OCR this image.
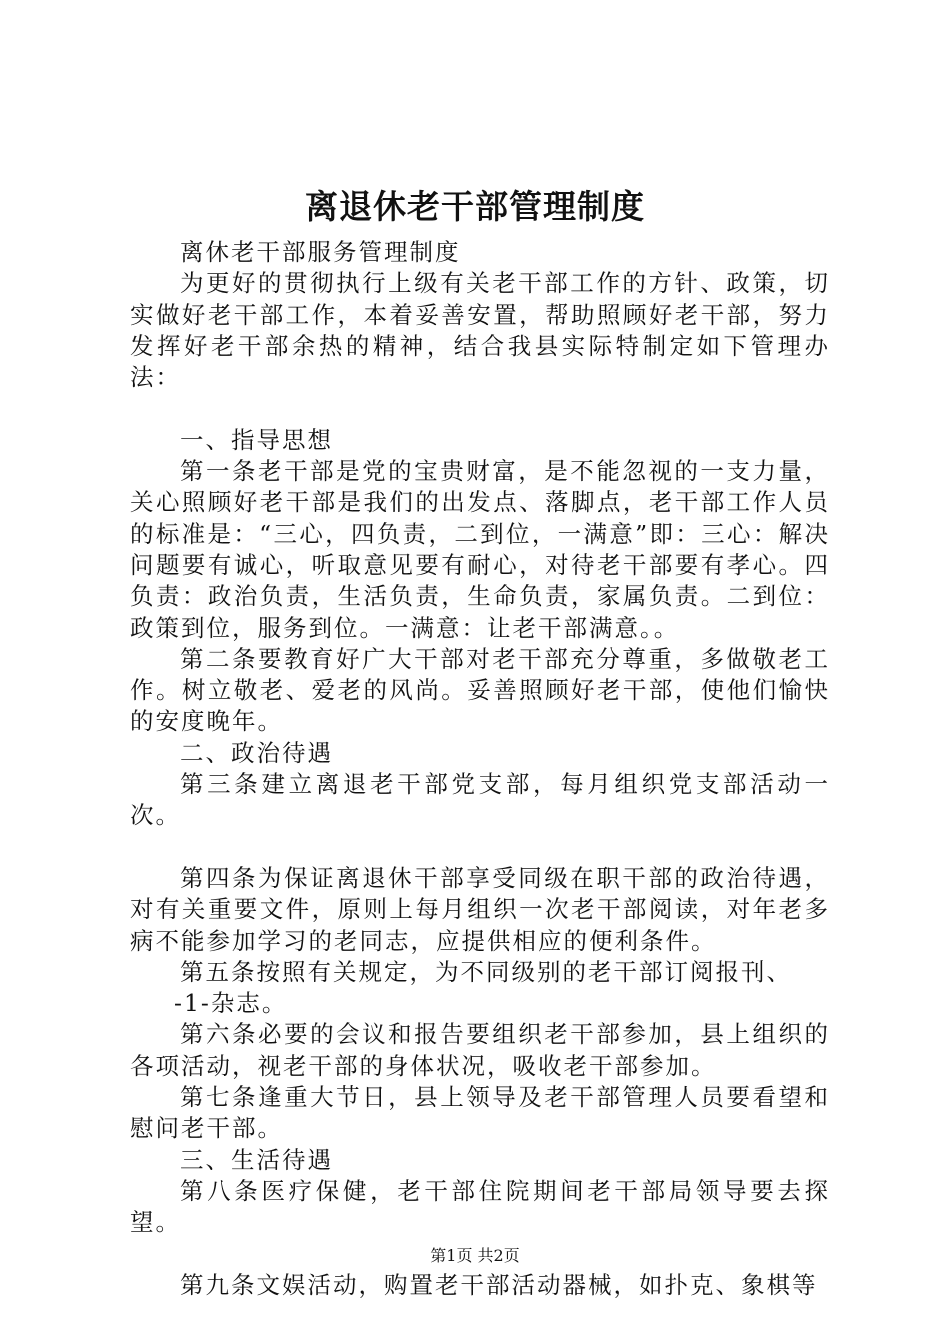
离退休老干部管理制度

离休老干部服务管理制度

为更好的贯彻执行上级有关老干部工作的方针、政策，切实做好老干部工作，本着妥善安置，帮助照顾好老干部，努力发挥好老干部余热的精神，结合我县实际特制定如下管理办法：

一、指导思想

第一条老干部是党的宝贵财富，是不能忽视的一支力量，关心照顾好老干部是我们的出发点、落脚点，老干部工作人员的标准是：“三心，四负责，二到位，一满意”即：三心：解决问题要有诚心，听取意见要有耐心，对待老干部要有孝心。四负责：政治负责，生活负责，生命负责，家属负责。二到位：政策到位，服务到位。一满意：让老干部满意。。

第二条要教育好广大干部对老干部充分尊重，多做敬老工作。树立敬老、爱老的风尚。妥善照顾好老干部，使他们愉快的安度晚年。

二、政治待遇

第三条建立离退老干部党支部，每月组织党支部活动一次。

第四条为保证离退休干部享受同级在职干部的政治待遇，对有关重要文件，原则上每月组织一次老干部阅读，对年老多病不能参加学习的老同志，应提供相应的便利条件。

第五条按照有关规定，为不同级别的老干部订阅报刊、

-1-杂志。

第六条必要的会议和报告要组织老干部参加，县上组织的各项活动，视老干部的身体状况，吸收老干部参加。

第七条逢重大节日，县上领导及老干部管理人员要看望和慰问老干部。

三、生活待遇

第八条医疗保健，老干部住院期间老干部局领导要去探望。

第九条文娱活动，购置老干部活动器械，如扑克、象棋等

第1页 共2页
